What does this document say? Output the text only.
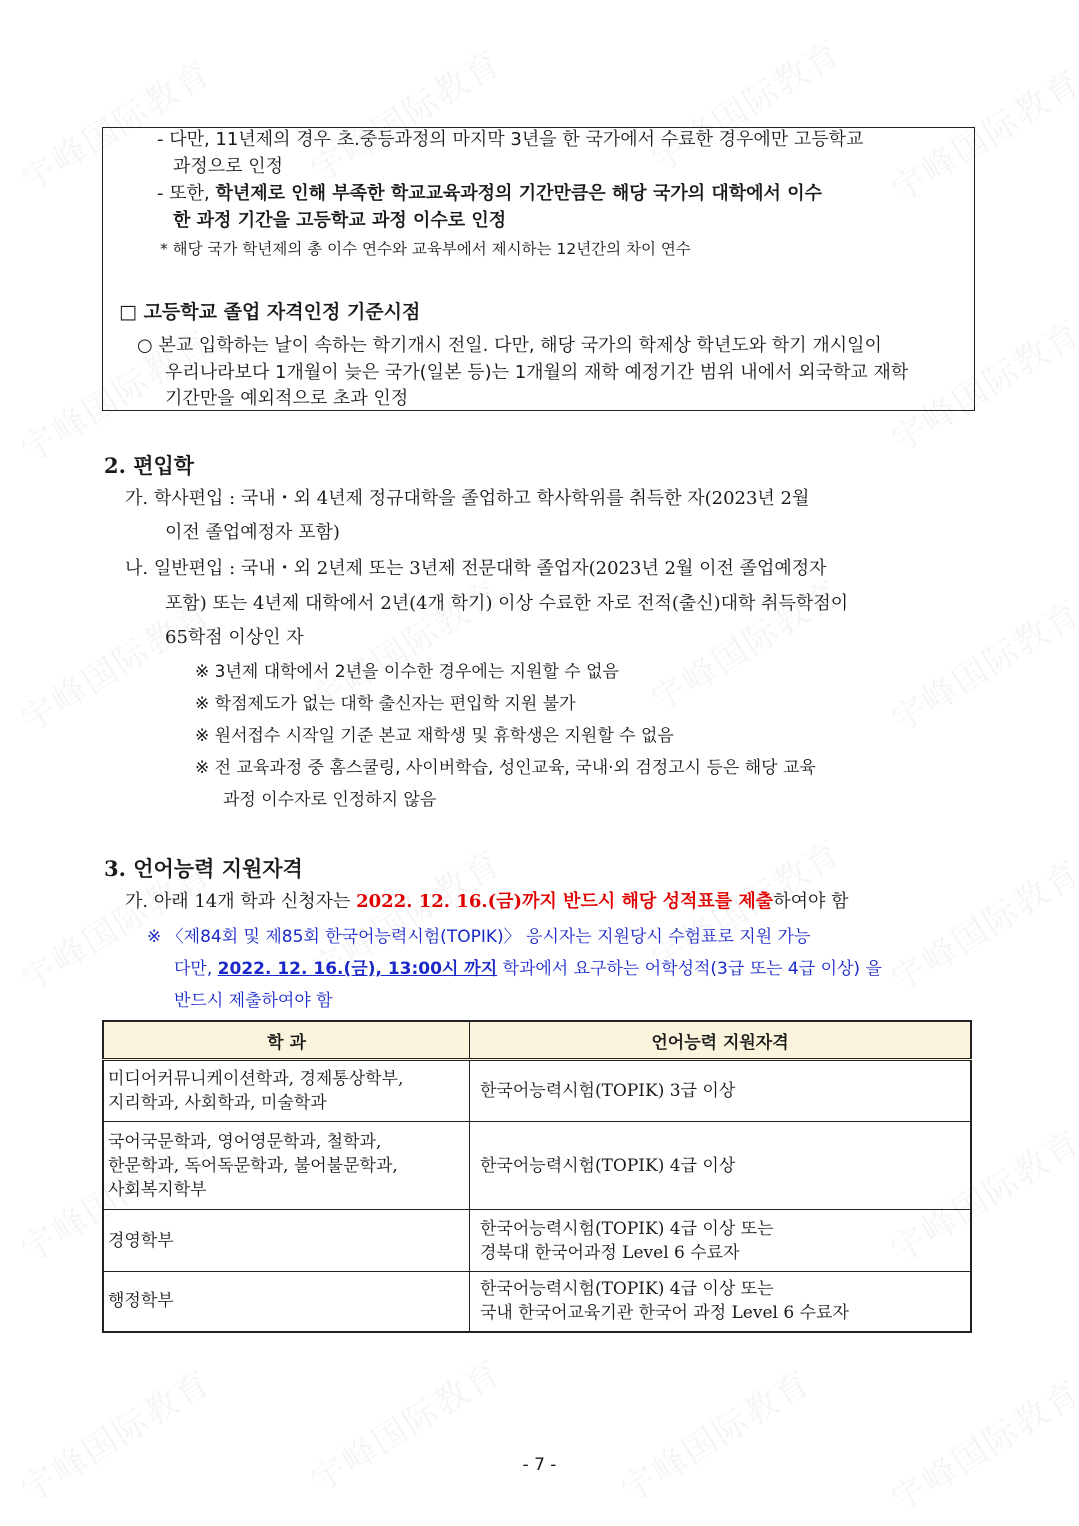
- 다만, 11년제의 경우 초.중등과정의 마지막 3년을 한 국가에서 수료한 경우에만 고등학교
과정으로 인정
- 또한, 학년제로 인해 부족한 학교교육과정의 기간만큼은 해당 국가의 대학에서 이수
한 과정 기간을 고등학교 과정 이수로 인정
* 해당 국가 학년제의 총 이수 연수와 교육부에서 제시하는 12년간의 차이 연수
□ 고등학교 졸업 자격인정 기준시점
○ 본교 입학하는 날이 속하는 학기개시 전일. 다만, 해당 국가의 학제상 학년도와 학기 개시일이
우리나라보다 1개월이 늦은 국가(일본 등)는 1개월의 재학 예정기간 범위 내에서 외국학교 재학
기간만을 예외적으로 초과 인정
2. 편입학
가. 학사편입 : 국내・외 4년제 정규대학을 졸업하고 학사학위를 취득한 자(2023년 2월
이전 졸업예정자 포함)
나. 일반편입 : 국내・외 2년제 또는 3년제 전문대학 졸업자(2023년 2월 이전 졸업예정자
포함) 또는 4년제 대학에서 2년(4개 학기) 이상 수료한 자로 전적(출신)대학 취득학점이
65학점 이상인 자
※ 3년제 대학에서 2년을 이수한 경우에는 지원할 수 없음
※ 학점제도가 없는 대학 출신자는 편입학 지원 불가
※ 원서접수 시작일 기준 본교 재학생 및 휴학생은 지원할 수 없음
※ 전 교육과정 중 홈스쿨링, 사이버학습, 성인교육, 국내·외 검정고시 등은 해당 교육
과정 이수자로 인정하지 않음
3. 언어능력 지원자격
가. 아래 14개 학과 신청자는 2022. 12. 16.(금)까지 반드시 해당 성적표를 제출하여야 함
※ 〈제84회 및 제85회 한국어능력시험(TOPIK)〉 응시자는 지원당시 수험표로 지원 가능
다만, 2022. 12. 16.(금), 13:00시 까지 학과에서 요구하는 어학성적(3급 또는 4급 이상) 을
반드시 제출하여야 함
학 과	언어능력 지원자격

미디어커뮤니케이션학과, 경제통상학부,
지리학과, 사회학과, 미술학과	한국어능력시험(TOPIK) 3급 이상

국어국문학과, 영어영문학과, 철학과,
한문학과, 독어독문학과, 불어불문학과,
사회복지학부	한국어능력시험(TOPIK) 4급 이상

경영학부	한국어능력시험(TOPIK) 4급 이상 또는
경북대 한국어과정 Level 6 수료자

행정학부	한국어능력시험(TOPIK) 4급 이상 또는
국내 한국어교육기관 한국어 과정 Level 6 수료자
- 7 -
